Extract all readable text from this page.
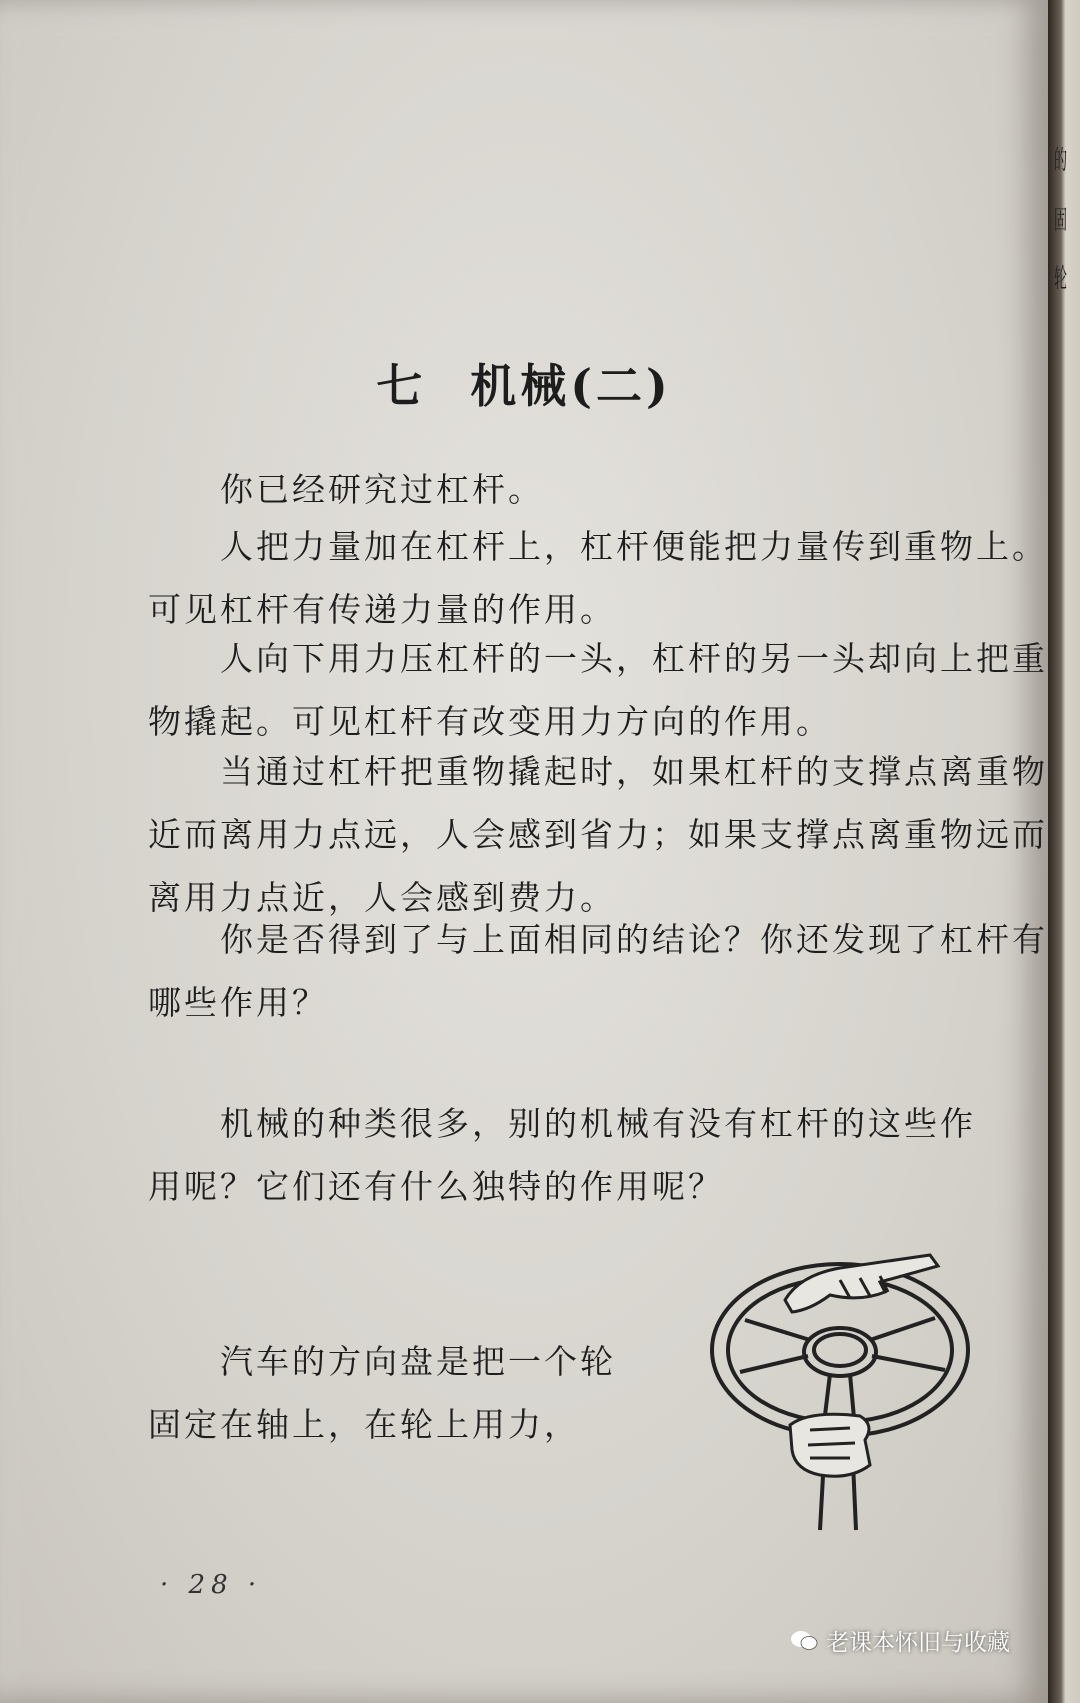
七 机械(二)
你已经研究过杠杆。
人把力量加在杠杆上，杠杆便能把力量传到重物上。可见杠杆有传递力量的作用。
人向下用力压杠杆的一头，杠杆的另一头却向上把重物撬起。可见杠杆有改变用力方向的作用。
当通过杠杆把重物撬起时，如果杠杆的支撑点离重物近而离用力点远，人会感到省力；如果支撑点离重物远而离用力点近，人会感到费力。
你是否得到了与上面相同的结论？你还发现了杠杆有哪些作用？
机械的种类很多，别的机械有没有杠杆的这些作用呢？它们还有什么独特的作用呢？
汽车的方向盘是把一个轮固定在轴上，在轮上用力，
· 28 ·
老课本怀旧与收藏
的
固
轮
